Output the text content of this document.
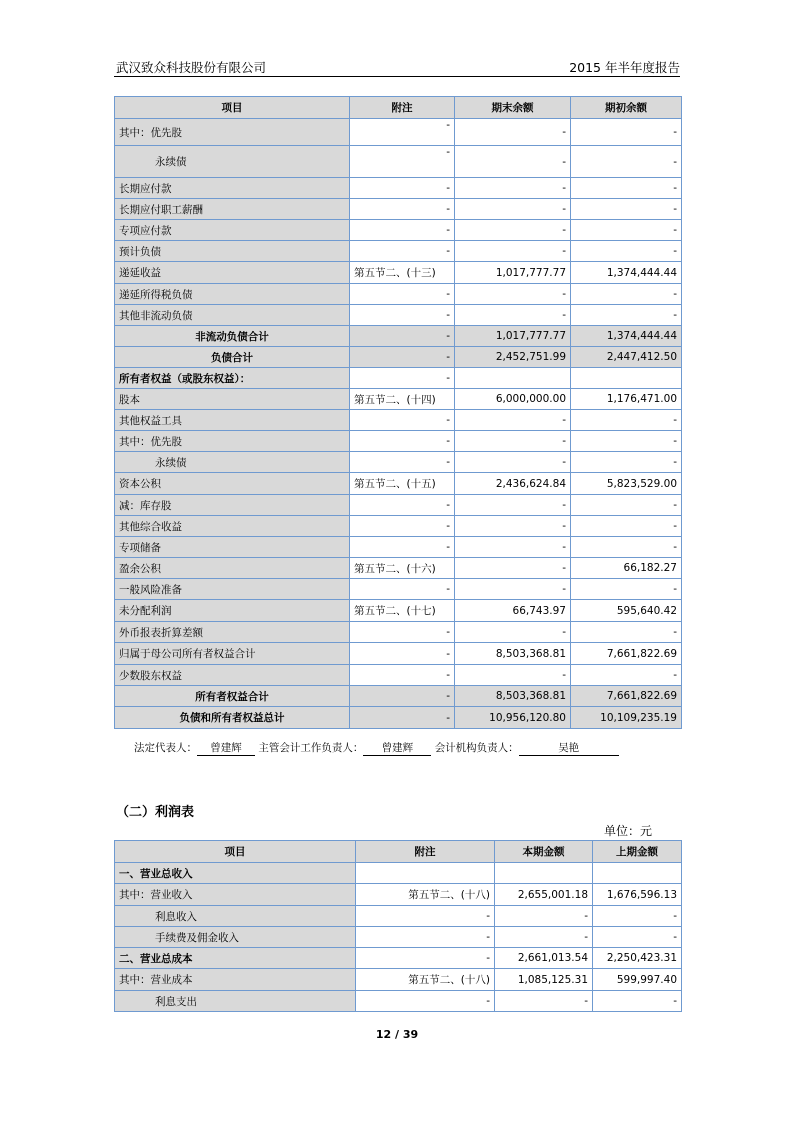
武汉致众科技股份有限公司	2015 年半年度报告
项目	附注	期末余额	期初余额
其中：优先股	-	-	-
永续债	-	-	-
长期应付款	-	-	-
长期应付职工薪酬	-	-	-
专项应付款	-	-	-
预计负债	-	-	-
递延收益	第五节二、(十三)	1,017,777.77	1,374,444.44
递延所得税负债	-	-	-
其他非流动负债	-	-	-
非流动负债合计	-	1,017,777.77	1,374,444.44
负债合计	-	2,452,751.99	2,447,412.50
所有者权益（或股东权益）：	-		
股本	第五节二、(十四)	6,000,000.00	1,176,471.00
其他权益工具	-	-	-
其中：优先股	-	-	-
永续债	-	-	-
资本公积	第五节二、(十五)	2,436,624.84	5,823,529.00
减：库存股	-	-	-
其他综合收益	-	-	-
专项储备	-	-	-
盈余公积	第五节二、(十六)	-	66,182.27
一般风险准备	-	-	-
未分配利润	第五节二、(十七)	66,743.97	595,640.42
外币报表折算差额	-	-	-
归属于母公司所有者权益合计	-	8,503,368.81	7,661,822.69
少数股东权益	-	-	-
所有者权益合计	-	8,503,368.81	7,661,822.69
负债和所有者权益总计	-	10,956,120.80	10,109,235.19
法定代表人： 曾建辉 主管会计工作负责人： 曾建辉 会计机构负责人：	吴艳
（二）利润表
单位：元
项目	附注	本期金额	上期金额
一、营业总收入			
其中：营业收入	第五节二、(十八)	2,655,001.18	1,676,596.13
利息收入	-	-	-
手续费及佣金收入	-	-	-
二、营业总成本	-	2,661,013.54	2,250,423.31
其中：营业成本	第五节二、(十八)	1,085,125.31	599,997.40
利息支出	-	-	-
12 / 39
